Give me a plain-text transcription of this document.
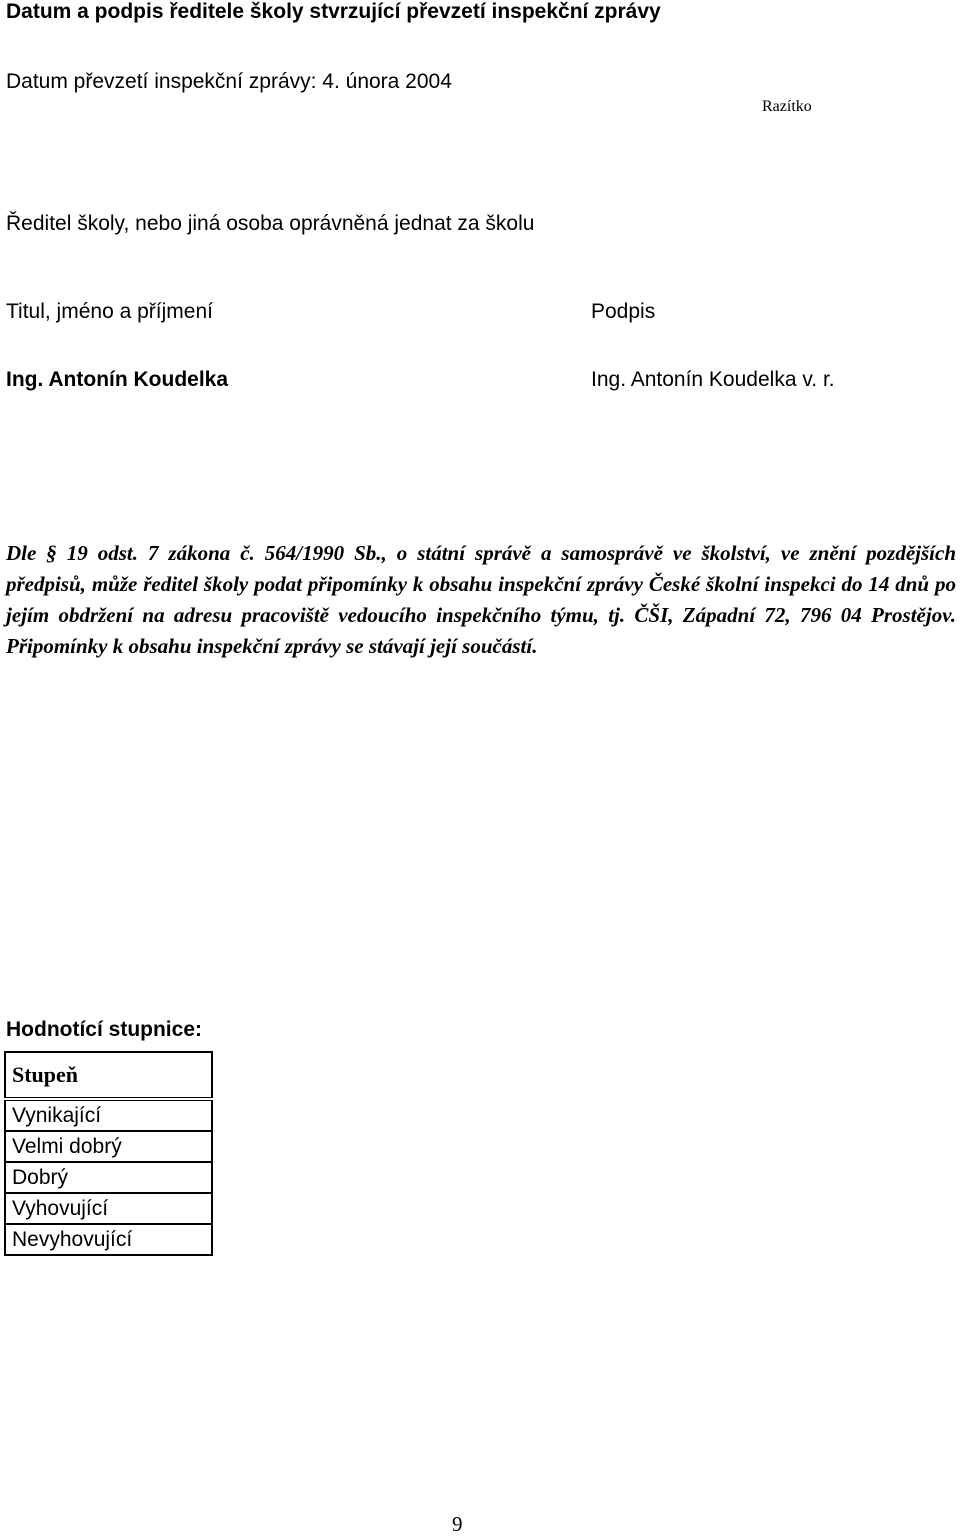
Datum a podpis ředitele školy stvrzující převzetí inspekční zprávy
Datum převzetí inspekční zprávy: 4. února 2004
Razítko
Ředitel školy, nebo jiná osoba oprávněná jednat za školu
Titul, jméno a příjmení	Podpis
Ing. Antonín Koudelka	Ing. Antonín Koudelka v. r.
Dle § 19 odst. 7 zákona č. 564/1990 Sb., o státní správě a samosprávě ve školství, ve znění pozdějších předpisů, může ředitel školy podat připomínky k obsahu inspekční zprávy České školní inspekci do 14 dnů po jejím obdržení na adresu pracoviště vedoucího inspekčního týmu, tj. ČŠI, Západní 72, 796 04 Prostějov. Připomínky k obsahu inspekční zprávy se stávají její součástí.
Hodnotící stupnice:
Stupeň
Vynikající
Velmi dobrý
Dobrý
Vyhovující
Nevyhovující
9
